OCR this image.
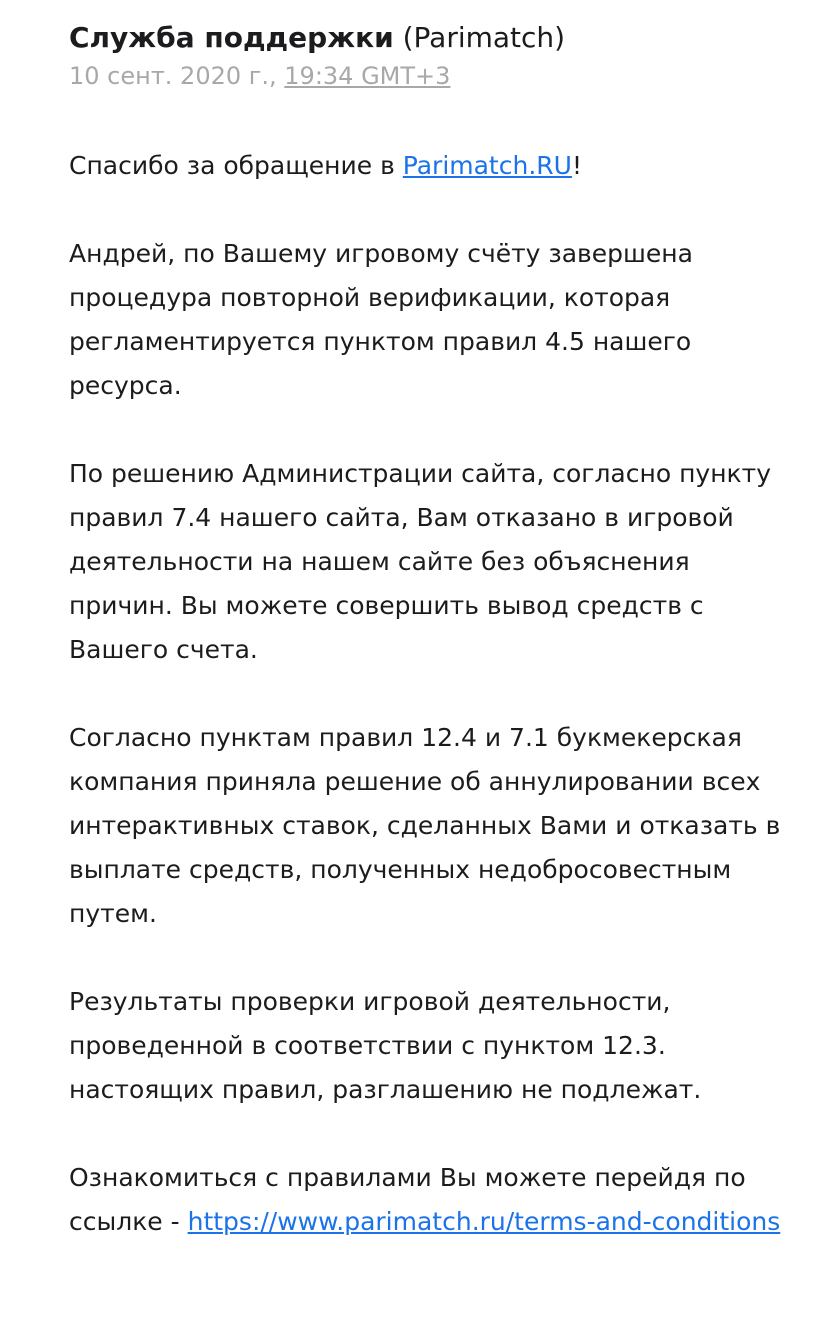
Служба поддержки (Parimatch)
10 сент. 2020 г., 19:34 GMT+3

Спасибо за обращение в Parimatch.RU!

Андрей, по Вашему игровому счёту завершена процедура повторной верификации, которая регламентируется пунктом правил 4.5 нашего ресурса.

По решению Администрации сайта, согласно пункту правил 7.4 нашего сайта, Вам отказано в игровой деятельности на нашем сайте без объяснения причин. Вы можете совершить вывод средств с Вашего счета.

Согласно пунктам правил 12.4 и 7.1 букмекерская компания приняла решение об аннулировании всех интерактивных ставок, сделанных Вами и отказать в выплате средств, полученных недобросовестным путем.

Результаты проверки игровой деятельности, проведенной в соответствии с пунктом 12.3. настоящих правил, разглашению не подлежат.

Ознакомиться с правилами Вы можете перейдя по ссылке - https://www.parimatch.ru/terms-and-conditions
